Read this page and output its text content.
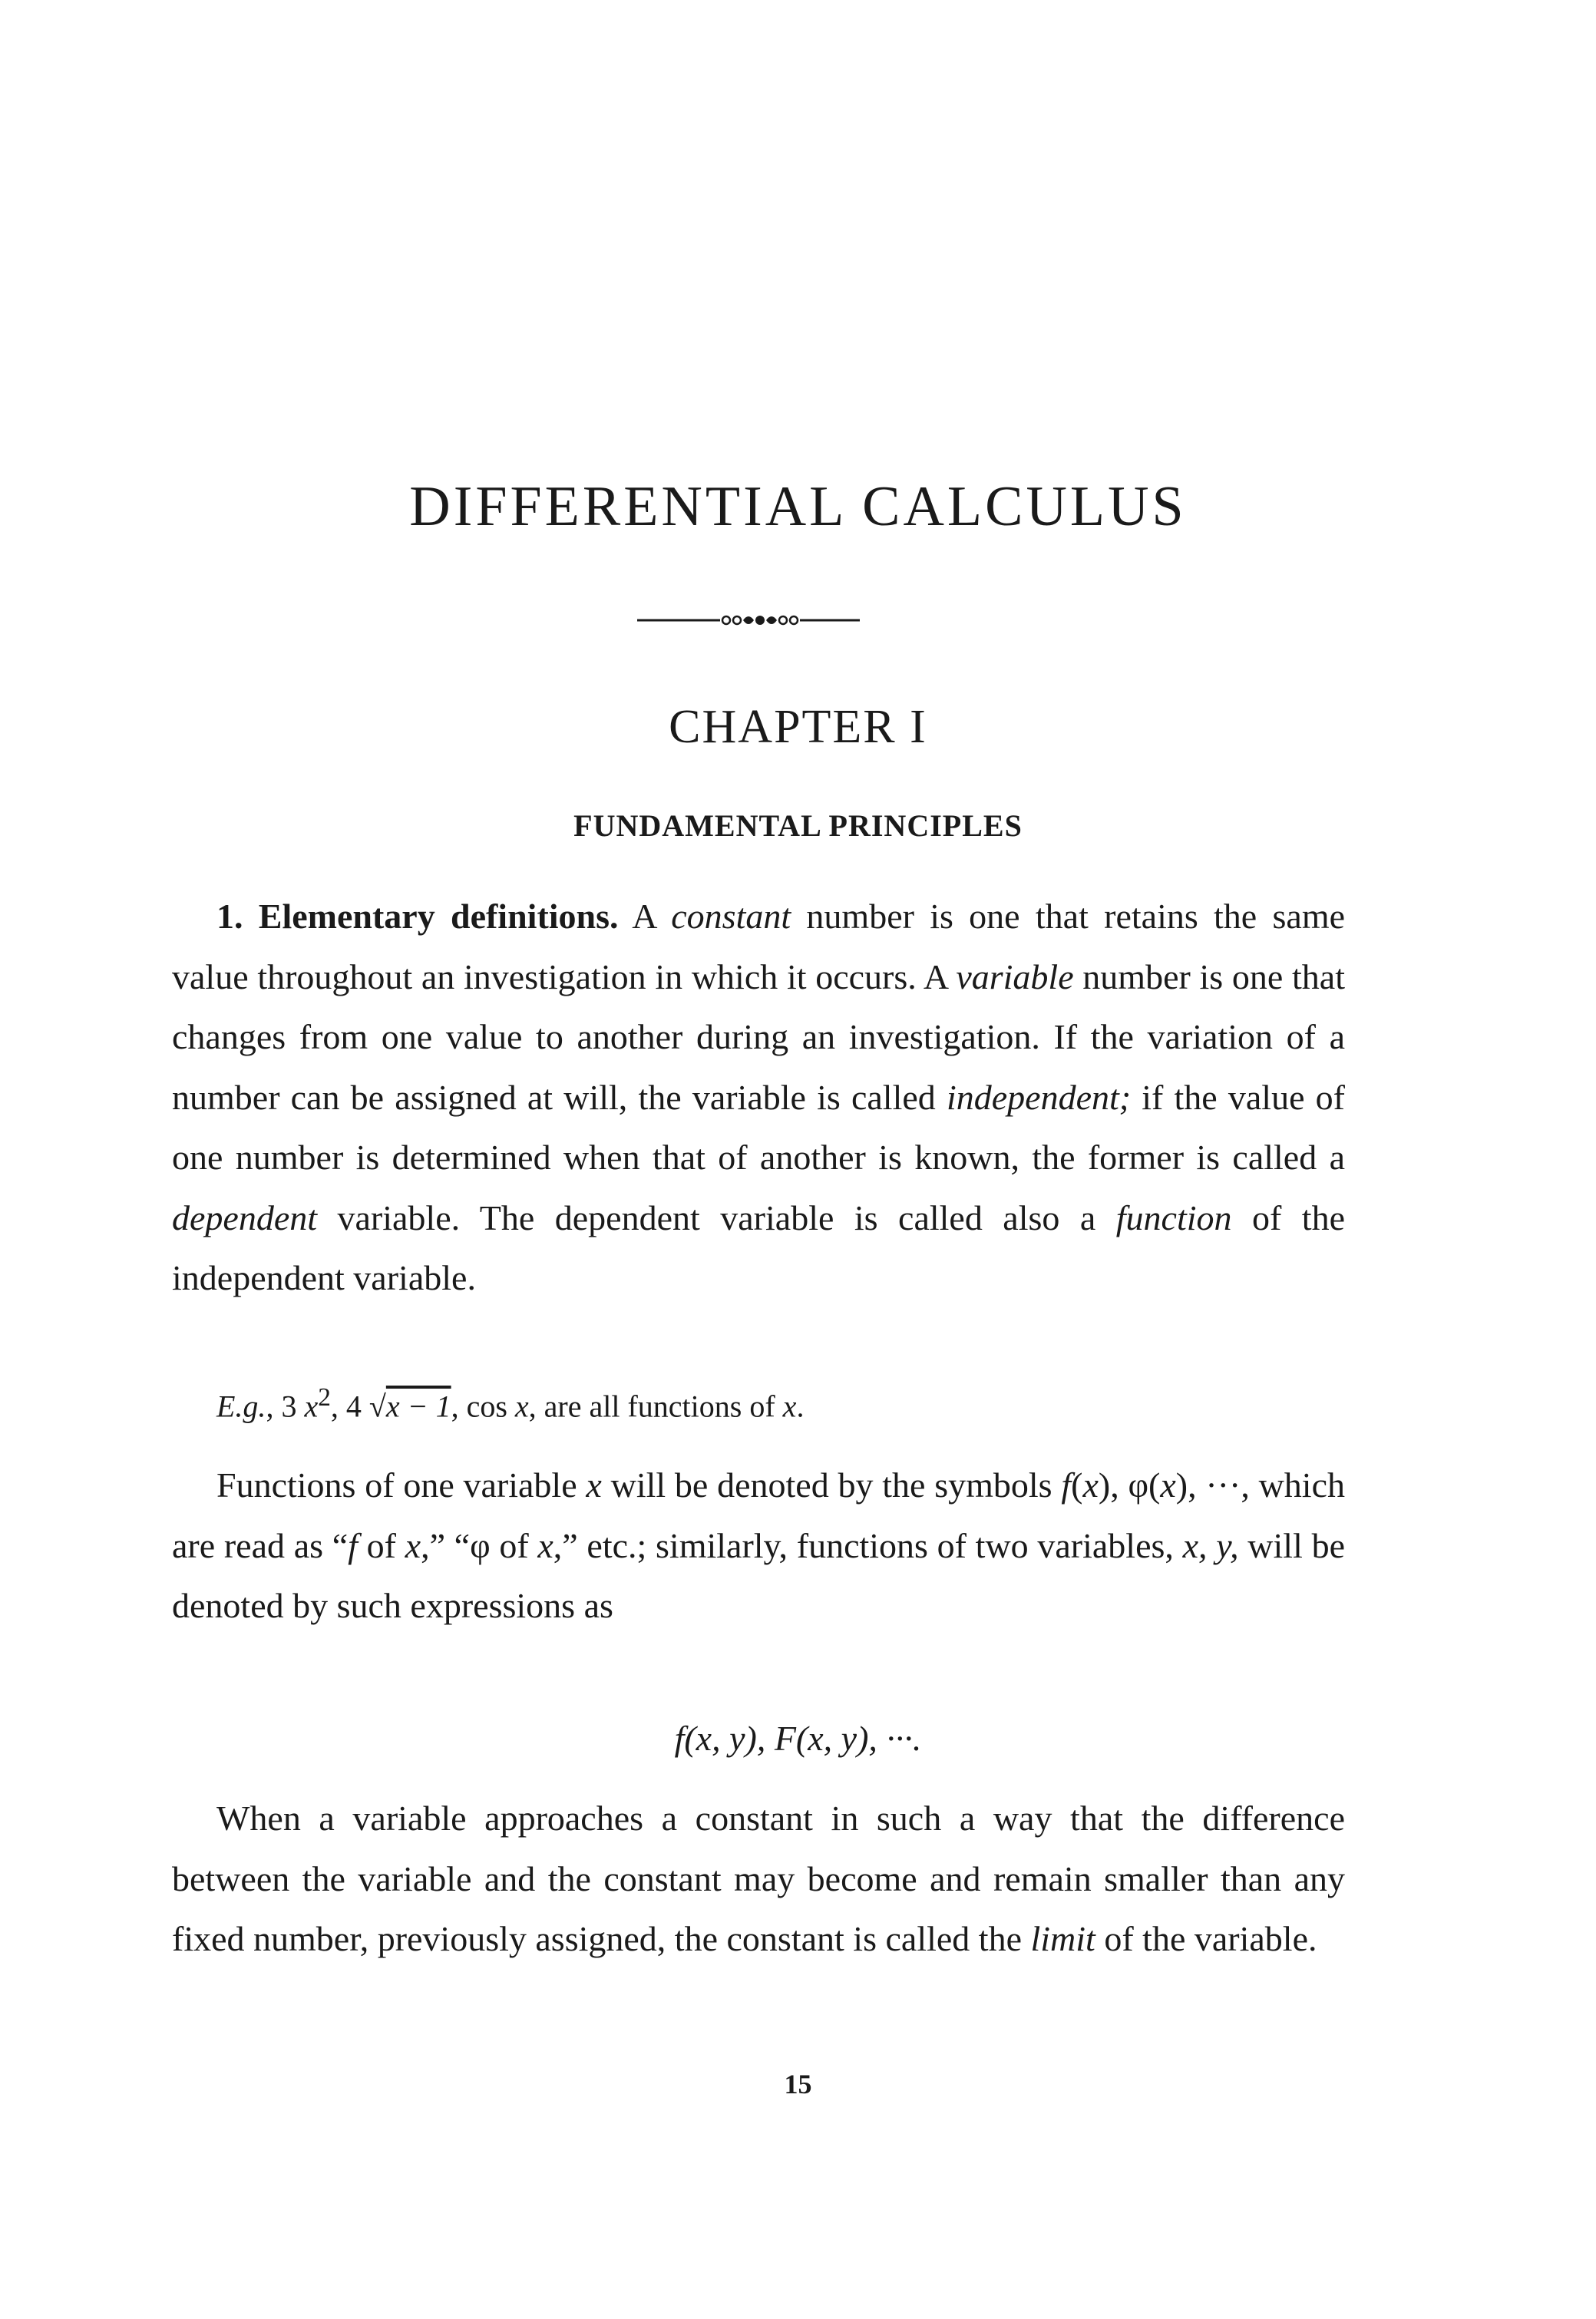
DIFFERENTIAL CALCULUS
CHAPTER I
FUNDAMENTAL PRINCIPLES

1. Elementary definitions. A constant number is one that retains the same value throughout an investigation in which it occurs. A variable number is one that changes from one value to another during an investigation. If the variation of a number can be assigned at will, the variable is called independent; if the value of one number is determined when that of another is known, the former is called a dependent variable. The dependent variable is called also a function of the independent variable.

E.g., 3 $x^2$, 4 √x − 1, cos x, are all functions of x.

Functions of one variable x will be denoted by the symbols f(x), φ(x), ···, which are read as “f of x,” “φ of x,” etc.; similarly, functions of two variables, x, y, will be denoted by such expressions as

f(x, y), F(x, y), ···.

When a variable approaches a constant in such a way that the difference between the variable and the constant may become and remain smaller than any fixed number, previously assigned, the constant is called the limit of the variable.

15
